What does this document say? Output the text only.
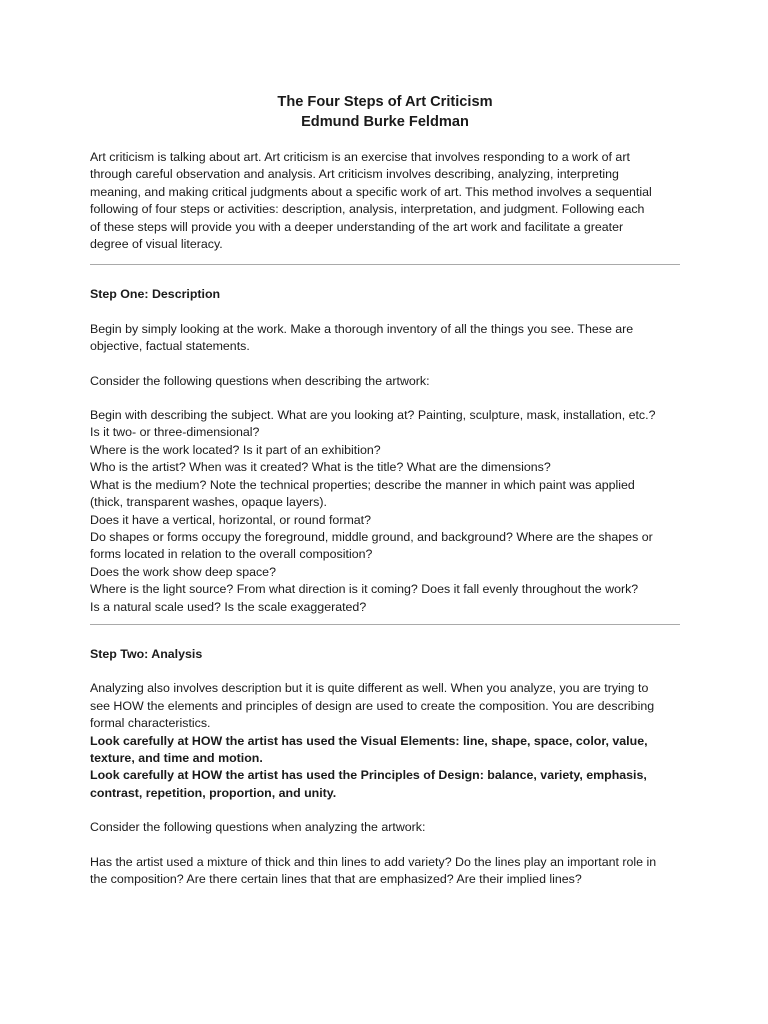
The Four Steps of Art Criticism

Edmund Burke Feldman

Art criticism is talking about art. Art criticism is an exercise that involves responding to a work of art
through careful observation and analysis. Art criticism involves describing, analyzing, interpreting
meaning, and making critical judgments about a specific work of art. This method involves a sequential
following of four steps or activities: description, analysis, interpretation, and judgment. Following each
of these steps will provide you with a deeper understanding of the art work and facilitate a greater
degree of visual literacy.

Step One: Description

Begin by simply looking at the work. Make a thorough inventory of all the things you see. These are
objective, factual statements.

Consider the following questions when describing the artwork:

Begin with describing the subject. What are you looking at? Painting, sculpture, mask, installation, etc.?
Is it two- or three-dimensional?
Where is the work located? Is it part of an exhibition?
Who is the artist? When was it created? What is the title? What are the dimensions?
What is the medium? Note the technical properties; describe the manner in which paint was applied
(thick, transparent washes, opaque layers).
Does it have a vertical, horizontal, or round format?
Do shapes or forms occupy the foreground, middle ground, and background? Where are the shapes or
forms located in relation to the overall composition?
Does the work show deep space?
Where is the light source? From what direction is it coming? Does it fall evenly throughout the work?
Is a natural scale used? Is the scale exaggerated?

Step Two: Analysis

Analyzing also involves description but it is quite different as well. When you analyze, you are trying to
see HOW the elements and principles of design are used to create the composition. You are describing
formal characteristics.
Look carefully at HOW the artist has used the Visual Elements: line, shape, space, color, value,
texture, and time and motion.
Look carefully at HOW the artist has used the Principles of Design: balance, variety, emphasis,
contrast, repetition, proportion, and unity.

Consider the following questions when analyzing the artwork:

Has the artist used a mixture of thick and thin lines to add variety? Do the lines play an important role in
the composition? Are there certain lines that that are emphasized? Are their implied lines?
